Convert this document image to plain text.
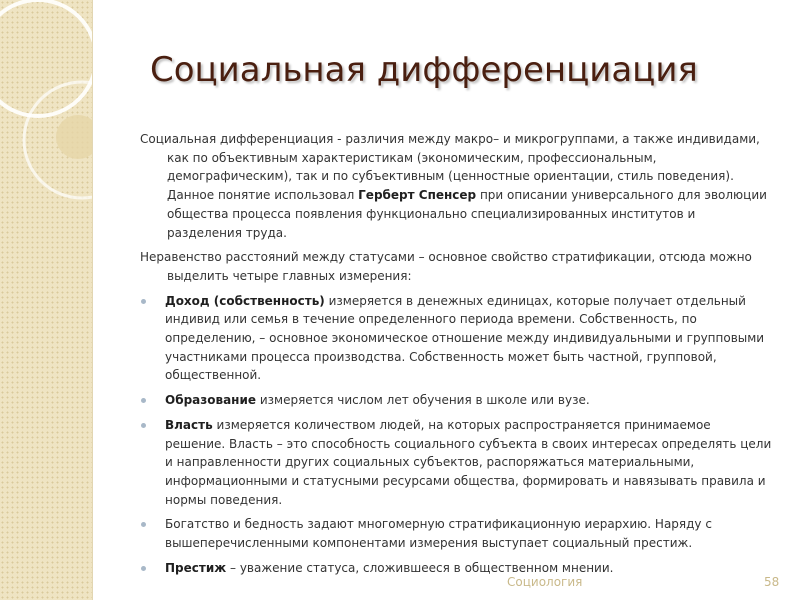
Социальная дифференциация

Социальная дифференциация - различия между макро– и микрогруппами, а также индивидами, как по объективным характеристикам (экономическим, профессиональным, демографическим), так и по субъективным (ценностные ориентации, стиль поведения). Данное понятие использовал Герберт Спенсер при описании универсального для эволюции общества процесса появления функционально специализированных институтов и разделения труда.

Неравенство расстояний между статусами – основное свойство стратификации, отсюда можно выделить четыре главных измерения:

Доход (собственность) измеряется в денежных единицах, которые получает отдельный индивид или семья в течение определенного периода времени. Собственность, по определению, – основное экономическое отношение между индивидуальными и групповыми участниками процесса производства. Собственность может быть частной, групповой, общественной.
Образование измеряется числом лет обучения в школе или вузе.
Власть измеряется количеством людей, на которых распространяется принимаемое решение. Власть – это способность социального субъекта в своих интересах определять цели и направленности других социальных субъектов, распоряжаться материальными, информационными и статусными ресурсами общества, формировать и навязывать правила и нормы поведения.
Богатство и бедность задают многомерную стратификационную иерархию. Наряду с вышеперечисленными компонентами измерения выступает социальный престиж.
Престиж – уважение статуса, сложившееся в общественном мнении.
Социология	58
